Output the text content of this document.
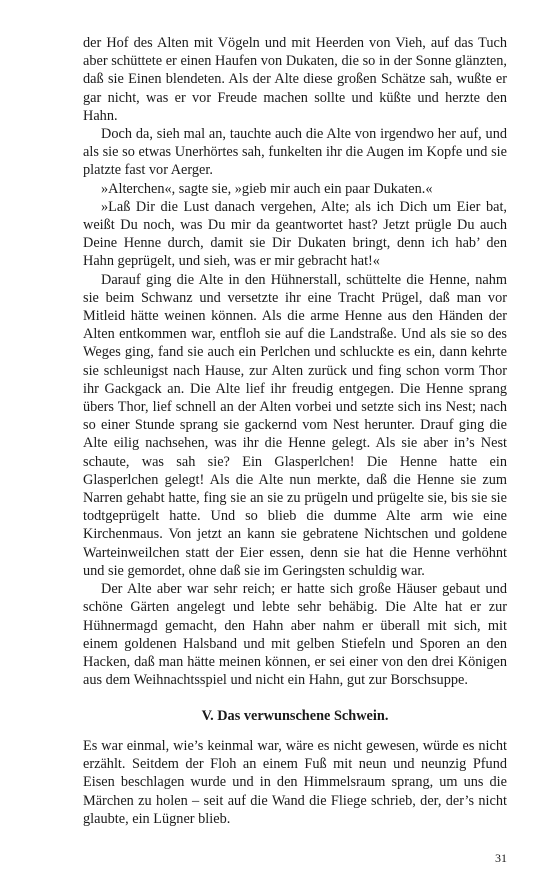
der Hof des Alten mit Vögeln und mit Heerden von Vieh, auf das Tuch aber schüttete er einen Haufen von Dukaten, die so in der Sonne glänzten, daß sie Einen blendeten. Als der Alte diese großen Schätze sah, wußte er gar nicht, was er vor Freude machen sollte und küßte und herzte den Hahn.

Doch da, sieh mal an, tauchte auch die Alte von irgendwo her auf, und als sie so etwas Unerhörtes sah, funkelten ihr die Augen im Kopfe und sie platzte fast vor Aerger.

»Alterchen«, sagte sie, »gieb mir auch ein paar Dukaten.«

»Laß Dir die Lust danach vergehen, Alte; als ich Dich um Eier bat, weißt Du noch, was Du mir da geantwortet hast? Jetzt prügle Du auch Deine Henne durch, damit sie Dir Dukaten bringt, denn ich hab’ den Hahn geprügelt, und sieh, was er mir gebracht hat!«

Darauf ging die Alte in den Hühnerstall, schüttelte die Henne, nahm sie beim Schwanz und versetzte ihr eine Tracht Prügel, daß man vor Mitleid hätte weinen können. Als die arme Henne aus den Händen der Alten entkommen war, entfloh sie auf die Landstraße. Und als sie so des Weges ging, fand sie auch ein Perlchen und schluckte es ein, dann kehrte sie schleunigst nach Hause, zur Alten zurück und fing schon vorm Thor ihr Gackgack an. Die Alte lief ihr freudig entgegen. Die Henne sprang übers Thor, lief schnell an der Alten vorbei und setzte sich ins Nest; nach so einer Stunde sprang sie gackernd vom Nest herunter. Drauf ging die Alte eilig nachsehen, was ihr die Henne gelegt. Als sie aber in’s Nest schaute, was sah sie? Ein Glasperlchen! Die Henne hatte ein Glasperlchen gelegt! Als die Alte nun merkte, daß die Henne sie zum Narren gehabt hatte, fing sie an sie zu prügeln und prügelte sie, bis sie sie todtgeprügelt hatte. Und so blieb die dumme Alte arm wie eine Kirchenmaus. Von jetzt an kann sie gebratene Nichtschen und goldene Warteinweilchen statt der Eier essen, denn sie hat die Henne verhöhnt und sie gemordet, ohne daß sie im Geringsten schuldig war.

Der Alte aber war sehr reich; er hatte sich große Häuser gebaut und schöne Gärten angelegt und lebte sehr behäbig. Die Alte hat er zur Hühnermagd gemacht, den Hahn aber nahm er überall mit sich, mit einem goldenen Halsband und mit gelben Stiefeln und Sporen an den Hacken, daß man hätte meinen können, er sei einer von den drei Königen aus dem Weihnachtsspiel und nicht ein Hahn, gut zur Borschsuppe.

V. Das verwunschene Schwein.

Es war einmal, wie’s keinmal war, wäre es nicht gewesen, würde es nicht erzählt. Seitdem der Floh an einem Fuß mit neun und neunzig Pfund Eisen beschlagen wurde und in den Himmelsraum sprang, um uns die Märchen zu holen – seit auf die Wand die Fliege schrieb, der, der’s nicht glaubte, ein Lügner blieb.

31
